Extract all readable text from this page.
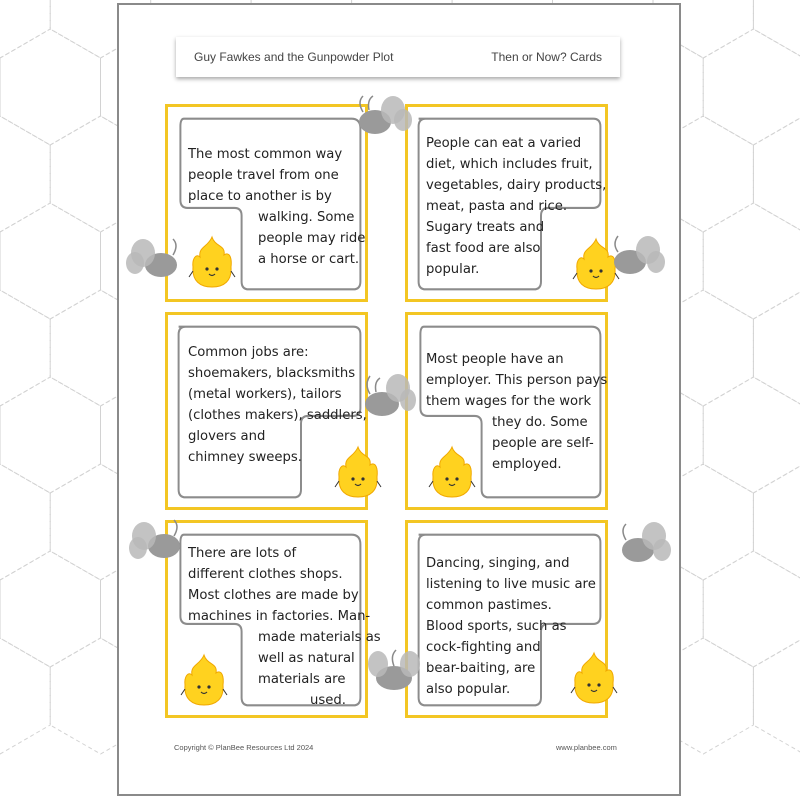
Guy Fawkes and the Gunpowder Plot	Then or Now? Cards
The most common way
people travel from one
place to another is by
walking. Some
people may ride
a horse or cart.
People can eat a varied
diet, which includes fruit,
vegetables, dairy products,
meat, pasta and rice.
Sugary treats and
fast food are also
popular.
Common jobs are:
shoemakers, blacksmiths
(metal workers), tailors
(clothes makers), saddlers,
glovers and
chimney sweeps.
Most people have an
employer. This person pays
them wages for the work
they do. Some
people are self-
employed.
There are lots of
different clothes shops.
Most clothes are made by
machines in factories. Man-
made materials as
well as natural
materials are
used.
Dancing, singing, and
listening to live music are
common pastimes.
Blood sports, such as
cock-fighting and
bear-baiting, are
also popular.
Copyright © PlanBee Resources Ltd 2024	www.planbee.com
